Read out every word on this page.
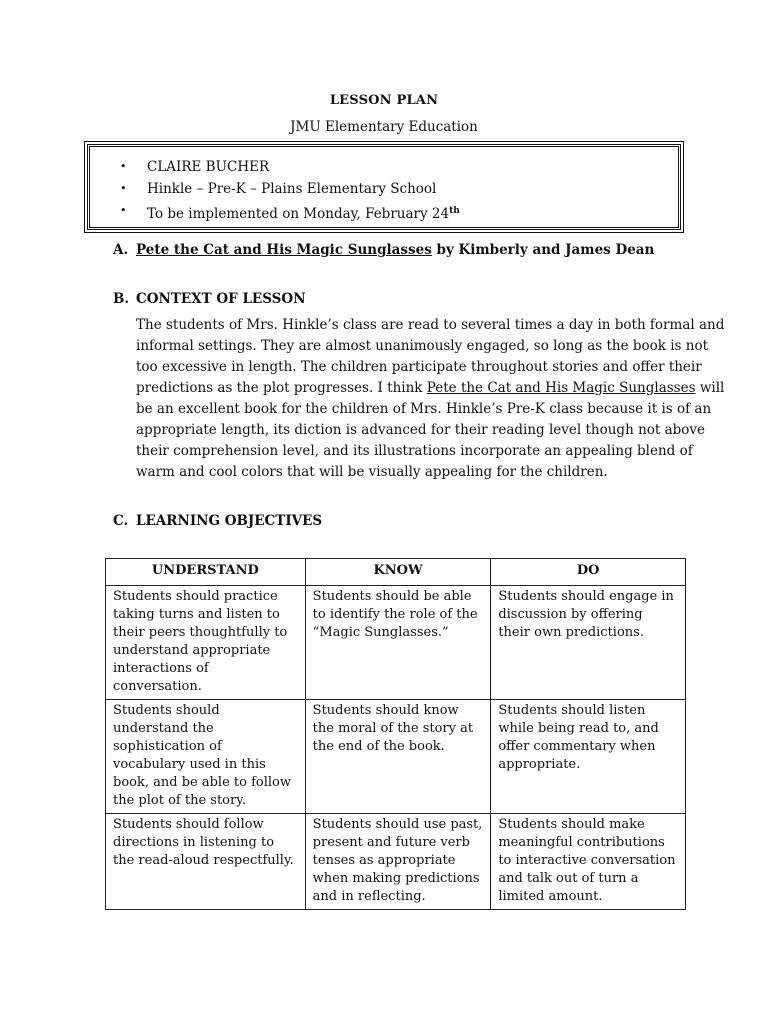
LESSON PLAN
JMU Elementary Education
• CLAIRE BUCHER
• Hinkle – Pre-K – Plains Elementary School
• To be implemented on Monday, February 24th
A. Pete the Cat and His Magic Sunglasses by Kimberly and James Dean
B. CONTEXT OF LESSON
The students of Mrs. Hinkle’s class are read to several times a day in both formal and
informal settings. They are almost unanimously engaged, so long as the book is not
too excessive in length. The children participate throughout stories and offer their
predictions as the plot progresses. I think Pete the Cat and His Magic Sunglasses will
be an excellent book for the children of Mrs. Hinkle’s Pre-K class because it is of an
appropriate length, its diction is advanced for their reading level though not above
their comprehension level, and its illustrations incorporate an appealing blend of
warm and cool colors that will be visually appealing for the children.
C. LEARNING OBJECTIVES
UNDERSTAND	KNOW	DO
Students should practice taking turns and listen to their peers thoughtfully to understand appropriate interactions of conversation.	Students should be able to identify the role of the “Magic Sunglasses.”	Students should engage in discussion by offering their own predictions.
Students should understand the sophistication of vocabulary used in this book, and be able to follow the plot of the story.	Students should know the moral of the story at the end of the book.	Students should listen while being read to, and offer commentary when appropriate.
Students should follow directions in listening to the read-aloud respectfully.	Students should use past, present and future verb tenses as appropriate when making predictions and in reflecting.	Students should make meaningful contributions to interactive conversation and talk out of turn a limited amount.
